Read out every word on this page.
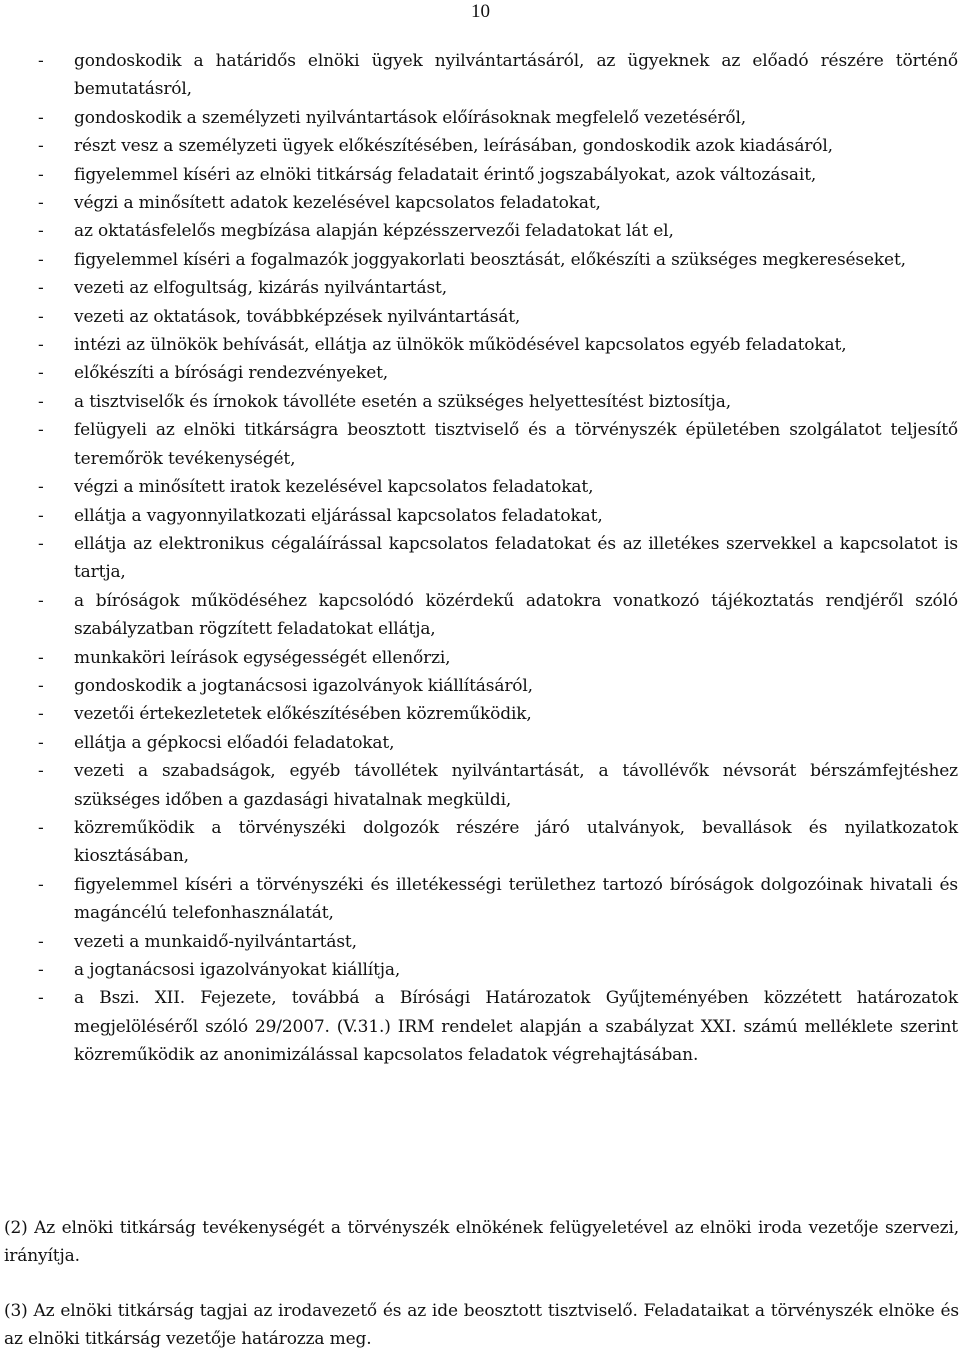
10
- gondoskodik a határidős elnöki ügyek nyilvántartásáról, az ügyeknek az előadó részére történő bemutatásról,
- gondoskodik a személyzeti nyilvántartások előírásoknak megfelelő vezetéséről,
- részt vesz a személyzeti ügyek előkészítésében, leírásában, gondoskodik azok kiadásáról,
- figyelemmel kíséri az elnöki titkárság feladatait érintő jogszabályokat, azok változásait,
- végzi a minősített adatok kezelésével kapcsolatos feladatokat,
- az oktatásfelelős megbízása alapján képzésszervezői feladatokat lát el,
- figyelemmel kíséri a fogalmazók joggyakorlati beosztását, előkészíti a szükséges megkereséseket,
- vezeti az elfogultság, kizárás nyilvántartást,
- vezeti az oktatások, továbbképzések nyilvántartását,
- intézi az ülnökök behívását, ellátja az ülnökök működésével kapcsolatos egyéb feladatokat,
- előkészíti a bírósági rendezvényeket,
- a tisztviselők és írnokok távolléte esetén a szükséges helyettesítést biztosítja,
- felügyeli az elnöki titkárságra beosztott tisztviselő és a törvényszék épületében szolgálatot teljesítő teremőrök tevékenységét,
- végzi a minősített iratok kezelésével kapcsolatos feladatokat,
- ellátja a vagyonnyilatkozati eljárással kapcsolatos feladatokat,
- ellátja az elektronikus cégaláírással kapcsolatos feladatokat és az illetékes szervekkel a kapcsolatot is tartja,
- a bíróságok működéséhez kapcsolódó közérdekű adatokra vonatkozó tájékoztatás rendjéről szóló szabályzatban rögzített feladatokat ellátja,
- munkaköri leírások egységességét ellenőrzi,
- gondoskodik a jogtanácsosi igazolványok kiállításáról,
- vezetői értekezletetek előkészítésében közreműködik,
- ellátja a gépkocsi előadói feladatokat,
- vezeti a szabadságok, egyéb távollétek nyilvántartását, a távollévők névsorát bérszámfejtéshez szükséges időben a gazdasági hivatalnak megküldi,
- közreműködik a törvényszéki dolgozók részére járó utalványok, bevallások és nyilatkozatok kiosztásában,
- figyelemmel kíséri a törvényszéki és illetékességi területhez tartozó bíróságok dolgozóinak hivatali és magáncélú telefonhasználatát,
- vezeti a munkaidő-nyilvántartást,
- a jogtanácsosi igazolványokat kiállítja,
- a Bszi. XII. Fejezete, továbbá a Bírósági Határozatok Gyűjteményében közzétett határozatok megjelöléséről szóló 29/2007. (V.31.) IRM rendelet alapján a szabályzat XXI. számú melléklete szerint közreműködik az anonimizálással kapcsolatos feladatok végrehajtásában.

(2) Az elnöki titkárság tevékenységét a törvényszék elnökének felügyeletével az elnöki iroda vezetője szervezi, irányítja.

(3) Az elnöki titkárság tagjai az irodavezető és az ide beosztott tisztviselő. Feladataikat a törvényszék elnöke és az elnöki titkárság vezetője határozza meg.
